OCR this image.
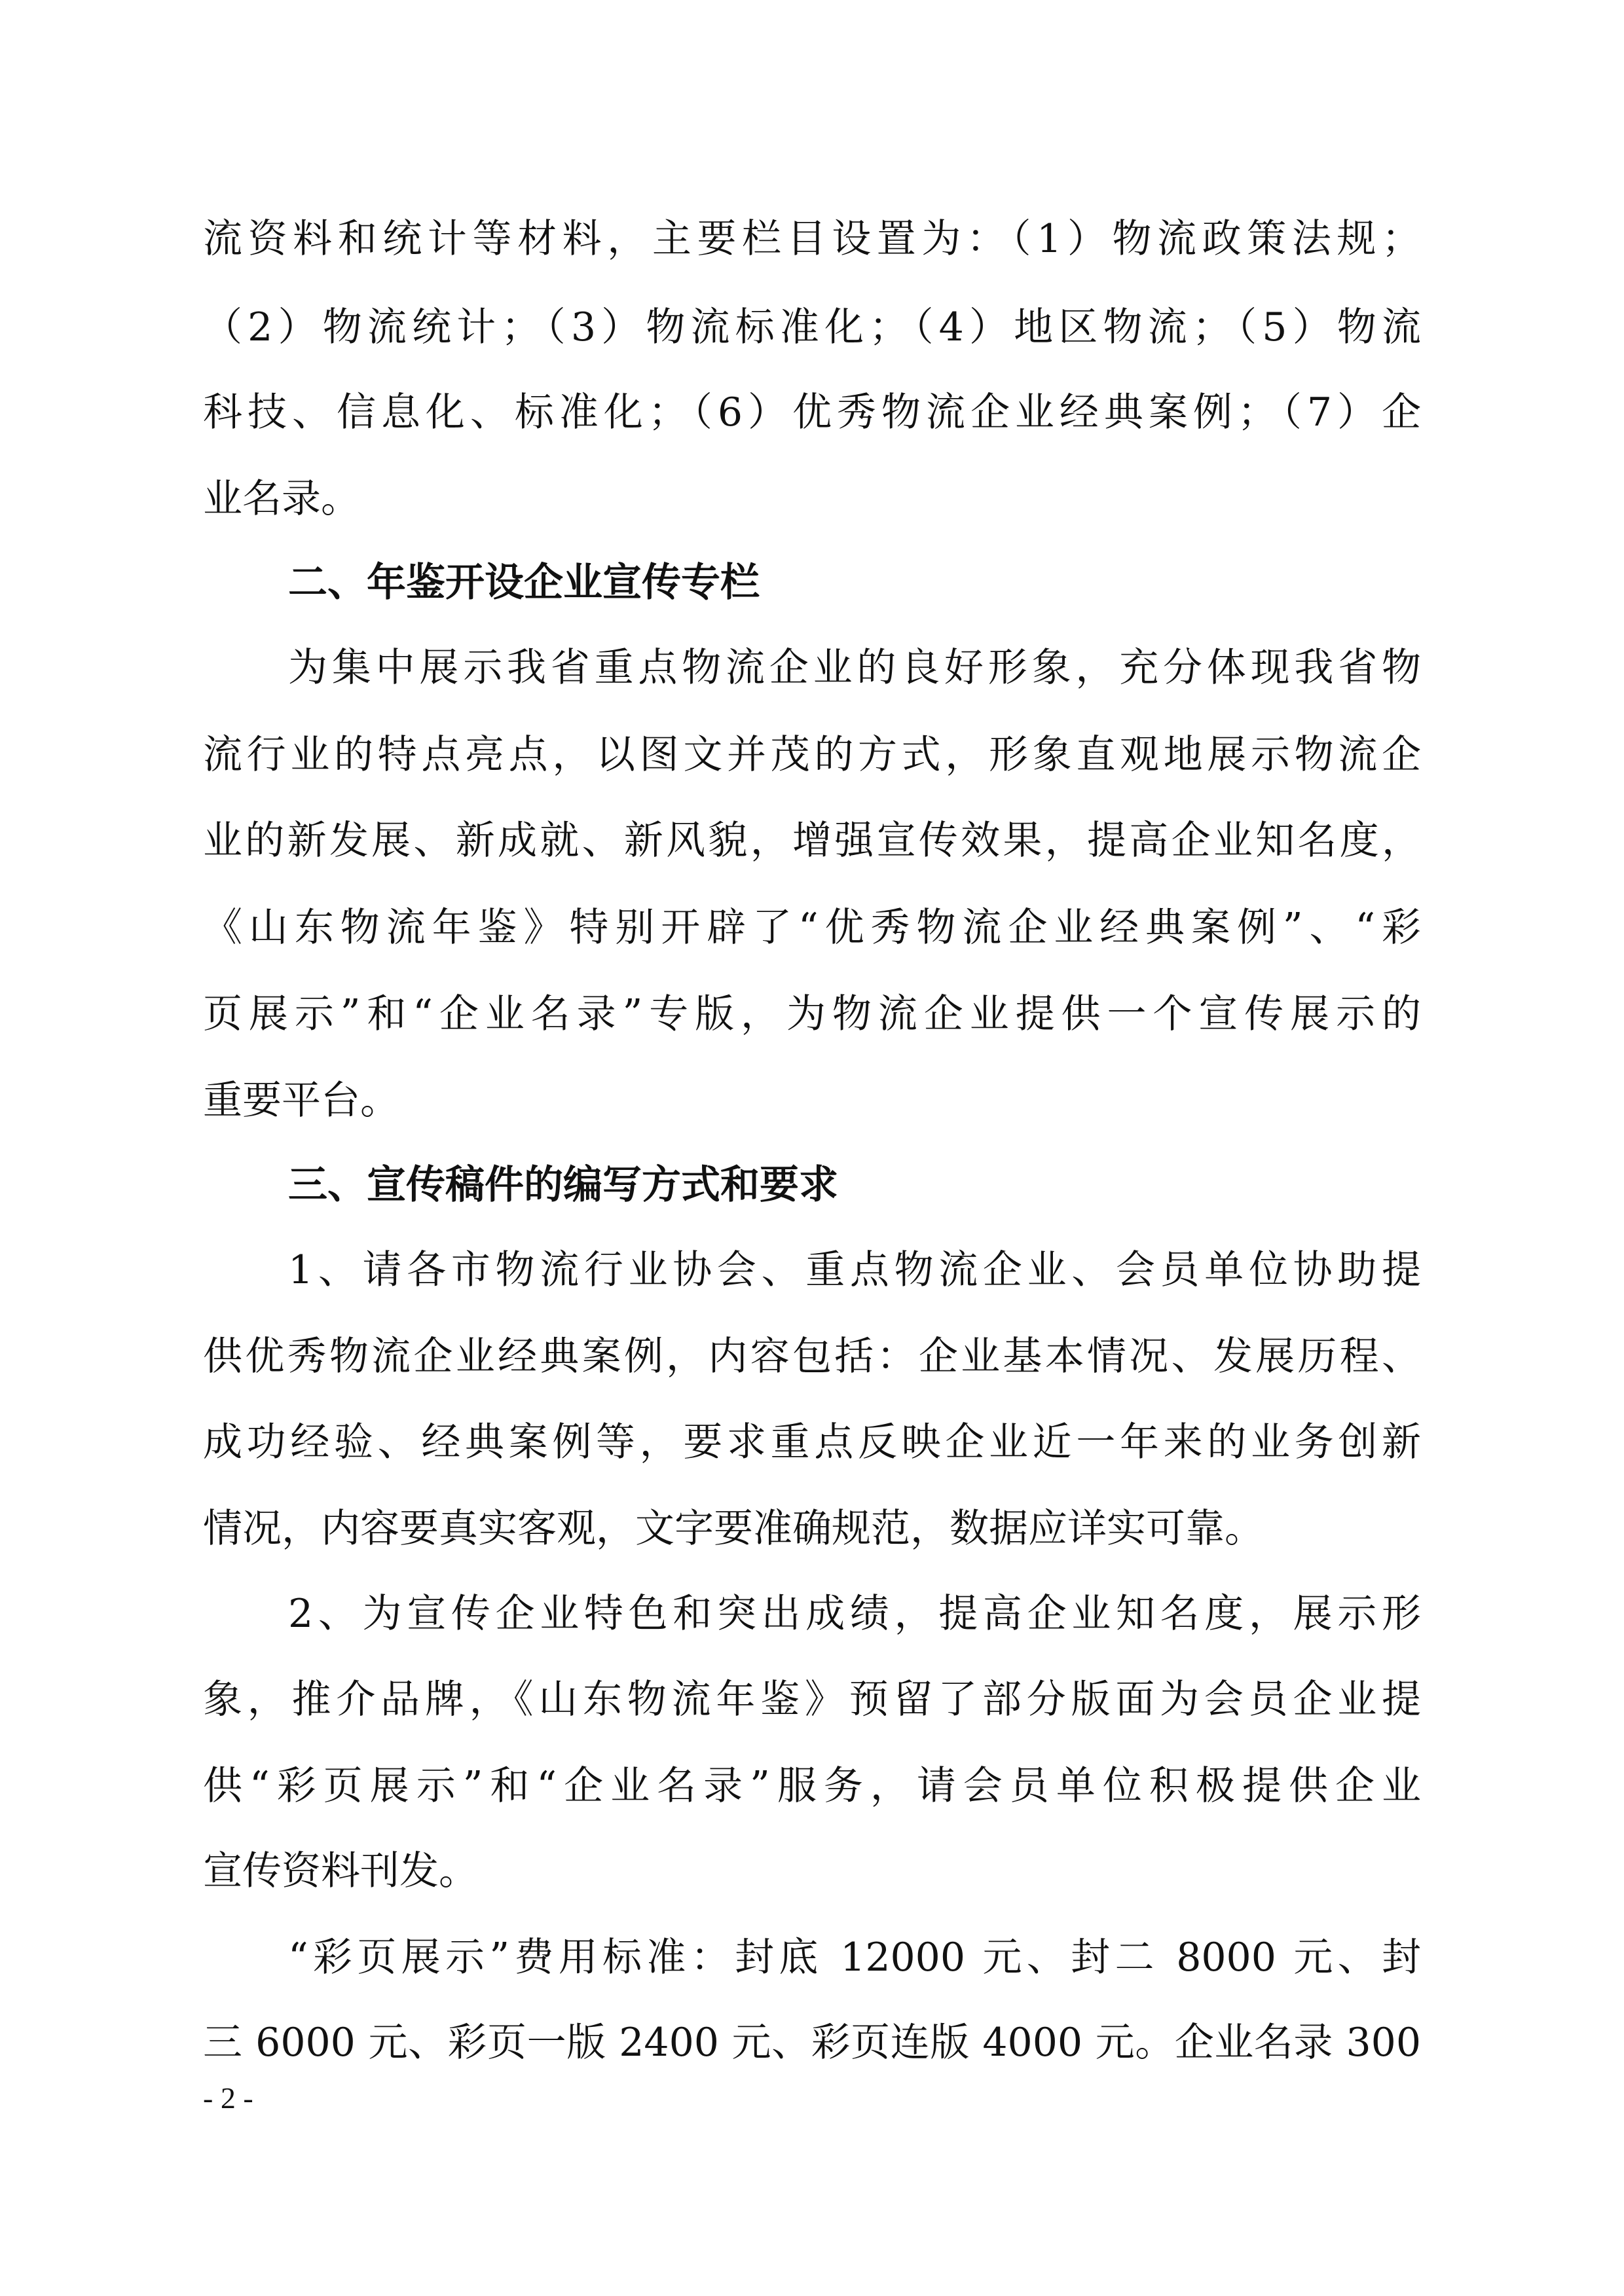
流资料和统计等材料，主要栏目设置为：（1）物流政策法规；
（2）物流统计；（3）物流标准化；（4）地区物流；（5）物流
科技、信息化、标准化；（6）优秀物流企业经典案例；（7）企
业名录。
二、年鉴开设企业宣传专栏
为集中展示我省重点物流企业的良好形象，充分体现我省物
流行业的特点亮点，以图文并茂的方式，形象直观地展示物流企
业的新发展、新成就、新风貌，增强宣传效果，提高企业知名度，
《山东物流年鉴》特别开辟了“优秀物流企业经典案例”、“彩
页展示”和“企业名录”专版，为物流企业提供一个宣传展示的
重要平台。
三、宣传稿件的编写方式和要求
1、请各市物流行业协会、重点物流企业、会员单位协助提
供优秀物流企业经典案例，内容包括：企业基本情况、发展历程、
成功经验、经典案例等，要求重点反映企业近一年来的业务创新
情况，内容要真实客观，文字要准确规范，数据应详实可靠。
2、为宣传企业特色和突出成绩，提高企业知名度，展示形
象，推介品牌，《山东物流年鉴》预留了部分版面为会员企业提
供“彩页展示”和“企业名录”服务，请会员单位积极提供企业
宣传资料刊发。
“彩页展示”费用标准：封底 12000 元、封二 8000 元、封
三 6000 元、彩页一版 2400 元、彩页连版 4000 元。企业名录 300
- 2 -
